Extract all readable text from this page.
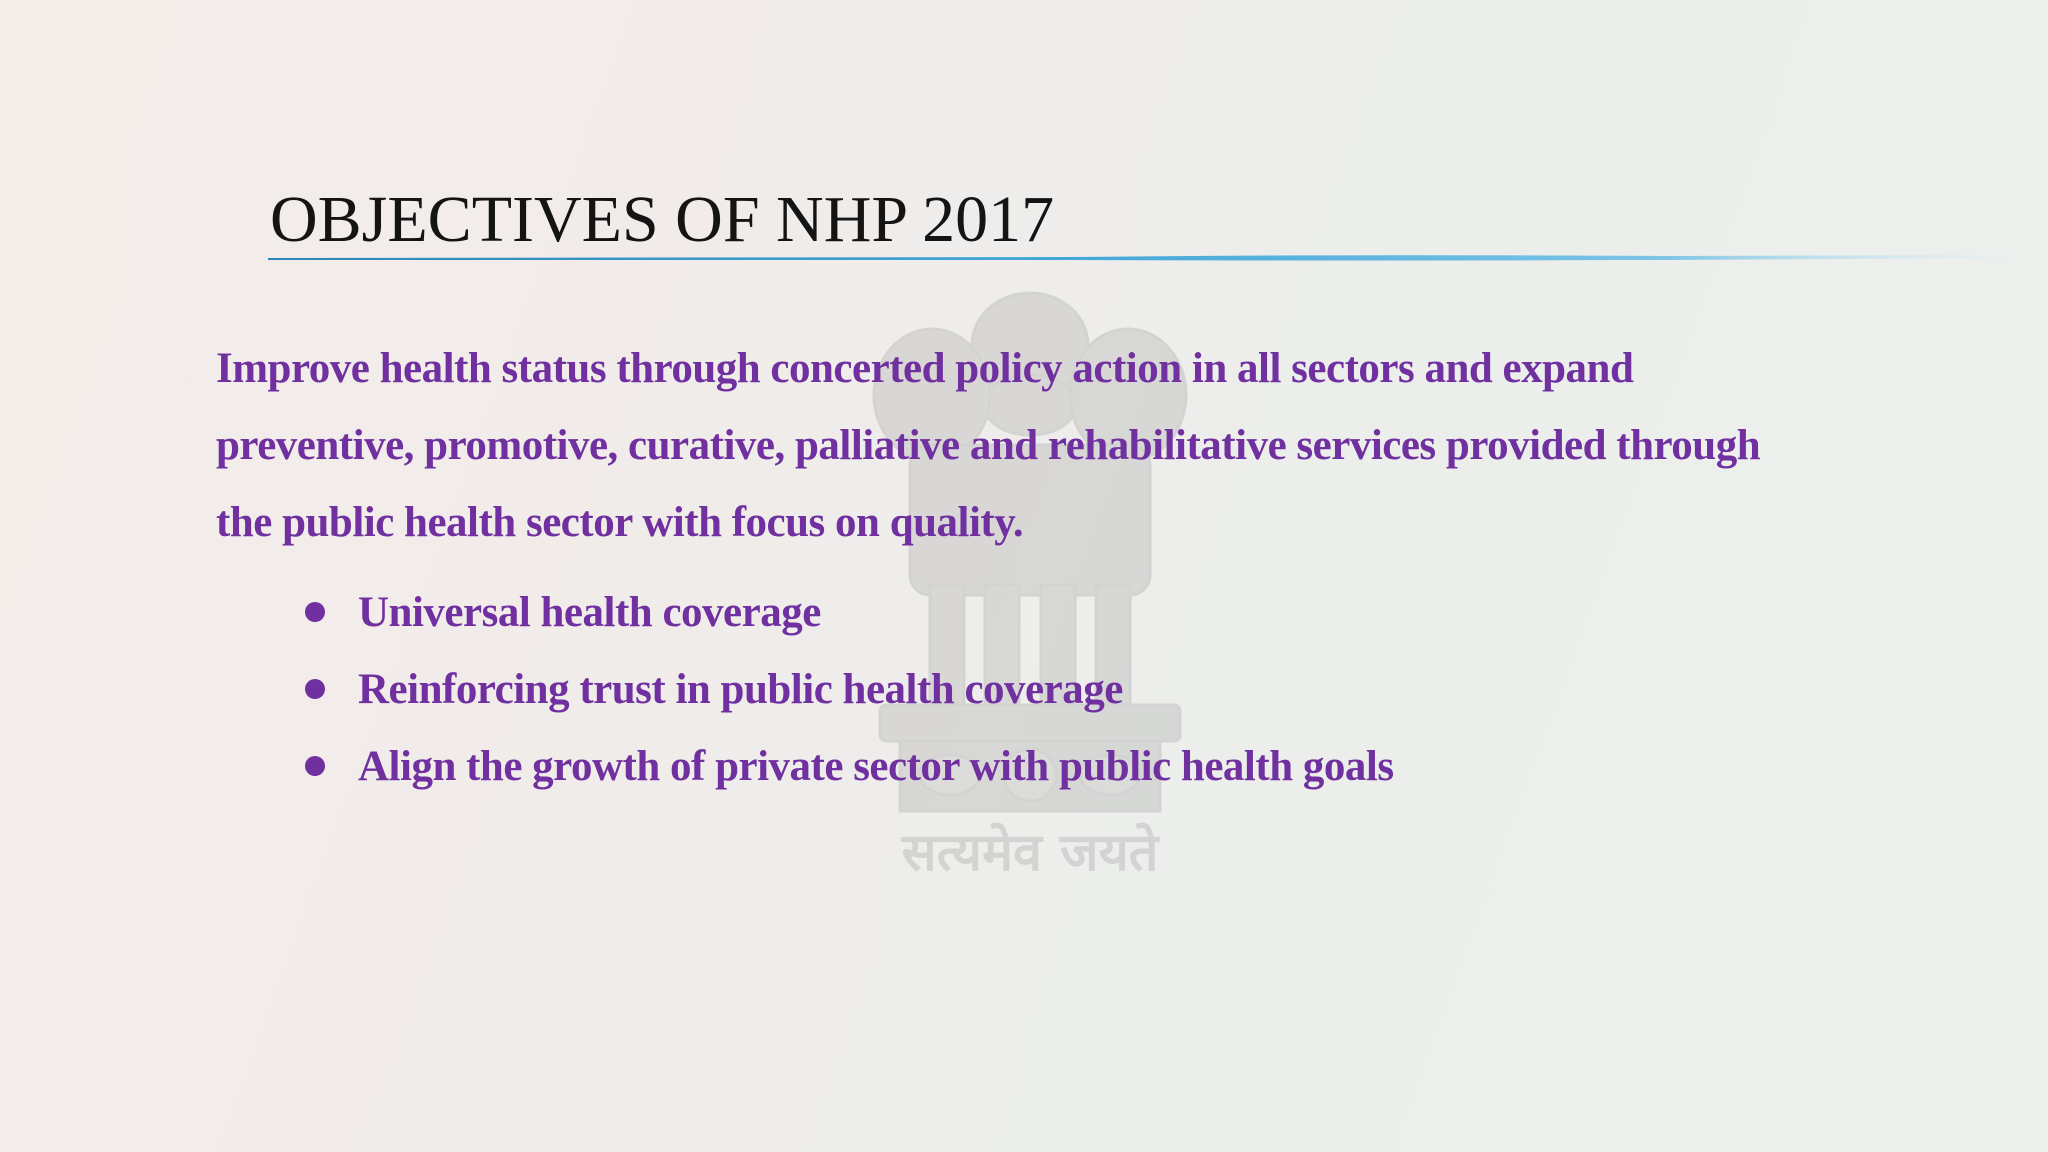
सत्यमेव जयते
OBJECTIVES OF NHP 2017

Improve health status through concerted policy action in all sectors and expand preventive, promotive, curative, palliative and rehabilitative services provided through the public health sector with focus on quality.

Universal health coverage
Reinforcing trust in public health coverage
Align the growth of private sector with public health goals
